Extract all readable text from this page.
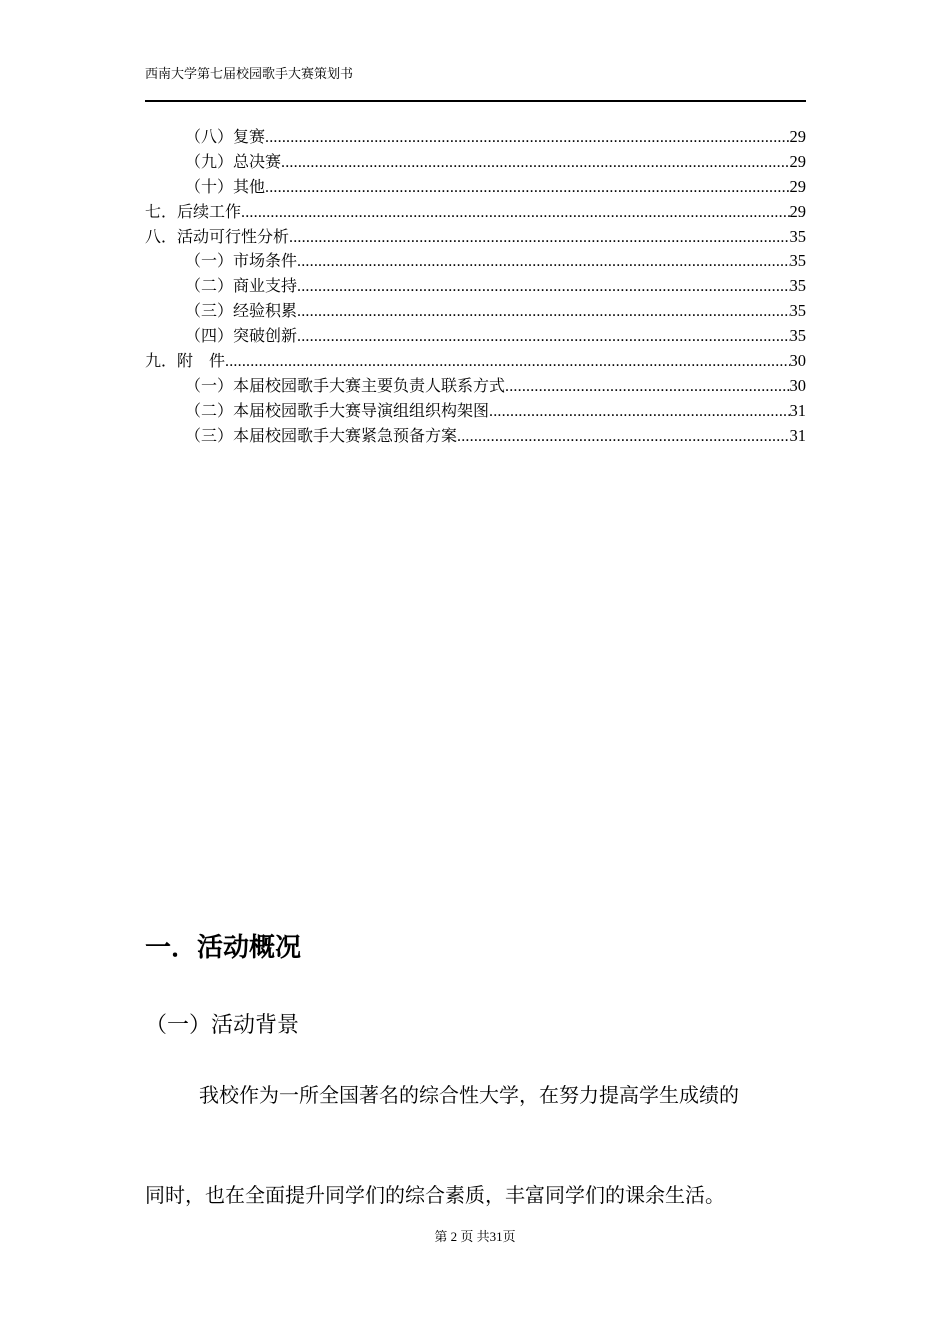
西南大学第七届校园歌手大赛策划书
（八）复赛 .....	29
（九）总决赛 .....	29
（十）其他 .....	29
七．后续工作 .....	29
八．活动可行性分析 .....	35
（一）市场条件 .....	35
（二）商业支持 .....	35
（三）经验积累 .....	35
（四）突破创新 .....	35
九．附　件 .....	30
（一）本届校园歌手大赛主要负责人联系方式 .....	30
（二）本届校园歌手大赛导演组组织构架图 .....	31
（三）本届校园歌手大赛紧急预备方案 .....	31
一．活动概况
（一）活动背景
我校作为一所全国著名的综合性大学，在努力提高学生成绩的
同时，也在全面提升同学们的综合素质，丰富同学们的课余生活。
第 2 页 共31页
